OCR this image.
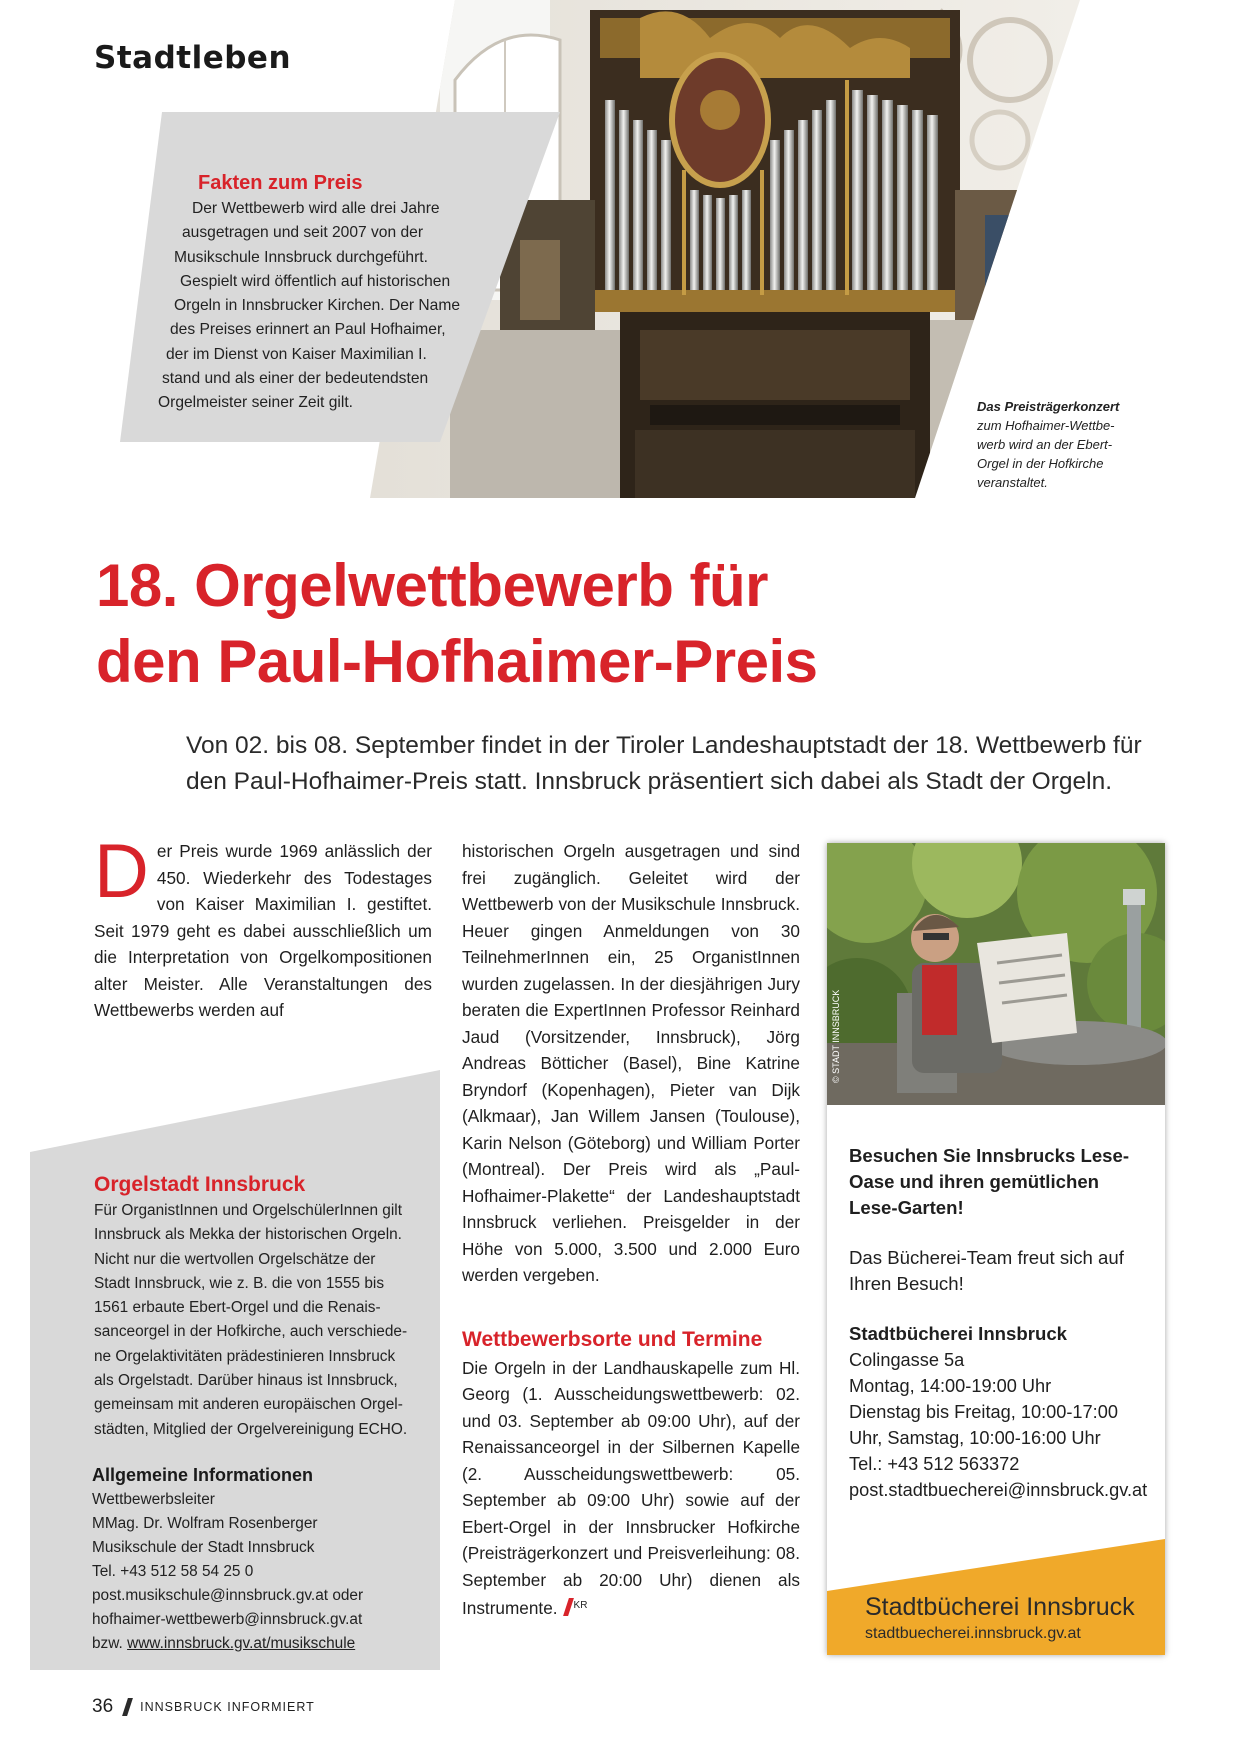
Stadtleben
Fakten zum Preis
Der Wettbewerb wird alle drei Jahre
ausgetragen und seit 2007 von der
Musikschule Innsbruck durchgeführt.
Gespielt wird öffentlich auf historischen
Orgeln in Innsbrucker Kirchen. Der Name
des Preises erinnert an Paul Hofhaimer,
der im Dienst von Kaiser Maximilian I.
stand und als einer der bedeutendsten
Orgelmeister seiner Zeit gilt.	Das Preisträgerkonzert
zum Hofhaimer-Wettbe-
werb wird an der Ebert-
Orgel in der Hofkirche
veranstaltet.
18. Orgelwettbewerb für
den Paul-Hofhaimer-Preis
Von 02. bis 08. September findet in der Tiroler Landeshauptstadt der 18. Wettbewerb für
den Paul-Hofhaimer-Preis statt. Innsbruck präsentiert sich dabei als Stadt der Orgeln.
Der Preis wurde 1969 anlässlich der 450. Wiederkehr des Todestages von Kaiser Maximilian I. gestiftet. Seit 1979 geht es dabei ausschließlich um die Interpretation von Orgelkompositionen alter Meister. Alle Veranstaltungen des Wettbewerbs werden auf
Orgelstadt Innsbruck
Für OrganistInnen und OrgelschülerInnen gilt
Innsbruck als Mekka der historischen Orgeln.
Nicht nur die wertvollen Orgelschätze der
Stadt Innsbruck, wie z. B. die von 1555 bis
1561 erbaute Ebert-Orgel und die Renais-
sanceorgel in der Hofkirche, auch verschiede-
ne Orgelaktivitäten prädestinieren Innsbruck
als Orgelstadt. Darüber hinaus ist Innsbruck,
gemeinsam mit anderen europäischen Orgel-
städten, Mitglied der Orgelvereinigung ECHO.
Allgemeine Informationen
Wettbewerbsleiter
MMag. Dr. Wolfram Rosenberger
Musikschule der Stadt Innsbruck
Tel. +43 512 58 54 25 0
post.musikschule@innsbruck.gv.at oder
hofhaimer-wettbewerb@innsbruck.gv.at
bzw. www.innsbruck.gv.at/musikschule

historischen Orgeln ausgetragen und sind frei zugänglich. Geleitet wird der Wettbewerb von der Musikschule Innsbruck. Heuer gingen Anmeldungen von 30 TeilnehmerInnen ein, 25 OrganistInnen wurden zugelassen. In der diesjährigen Jury beraten die ExpertInnen Professor Reinhard Jaud (Vorsitzender, Innsbruck), Jörg Andreas Bötticher (Basel), Bine Katrine Bryndorf (Kopenhagen), Pieter van Dijk (Alkmaar), Jan Willem Jansen (Toulouse), Karin Nelson (Göteborg) und William Porter (Montreal). Der Preis wird als „Paul-Hofhaimer-Plakette“ der Landeshauptstadt Innsbruck verliehen. Preisgelder in der Höhe von 5.000, 3.500 und 2.000 Euro werden vergeben.

Wettbewerbsorte und Termine

Die Orgeln in der Landhauskapelle zum Hl. Georg (1. Ausscheidungswettbewerb: 02. und 03. September ab 09:00 Uhr), auf der Renaissanceorgel in der Silbernen Kapelle (2. Ausscheidungswettbewerb: 05. September ab 09:00 Uhr) sowie auf der Ebert-Orgel in der Innsbrucker Hofkirche (Preisträgerkonzert und Preisverleihung: 08. September ab 20:00 Uhr) dienen als Instrumente. $^{KR}$

© STADT INNSBRUCK
Besuchen Sie Innsbrucks Lese-Oase und ihren gemütlichen Lese-Garten!
Das Bücherei-Team freut sich auf Ihren Besuch!
Stadtbücherei Innsbruck
Colingasse 5a
Montag, 14:00-19:00 Uhr
Dienstag bis Freitag, 10:00-17:00
Uhr, Samstag, 10:00-16:00 Uhr
Tel.: +43 512 563372
post.stadtbuecherei@innsbruck.gv.at
Stadtbücherei Innsbruck
stadtbuecherei.innsbruck.gv.at
36 INNSBRUCK INFORMIERT
